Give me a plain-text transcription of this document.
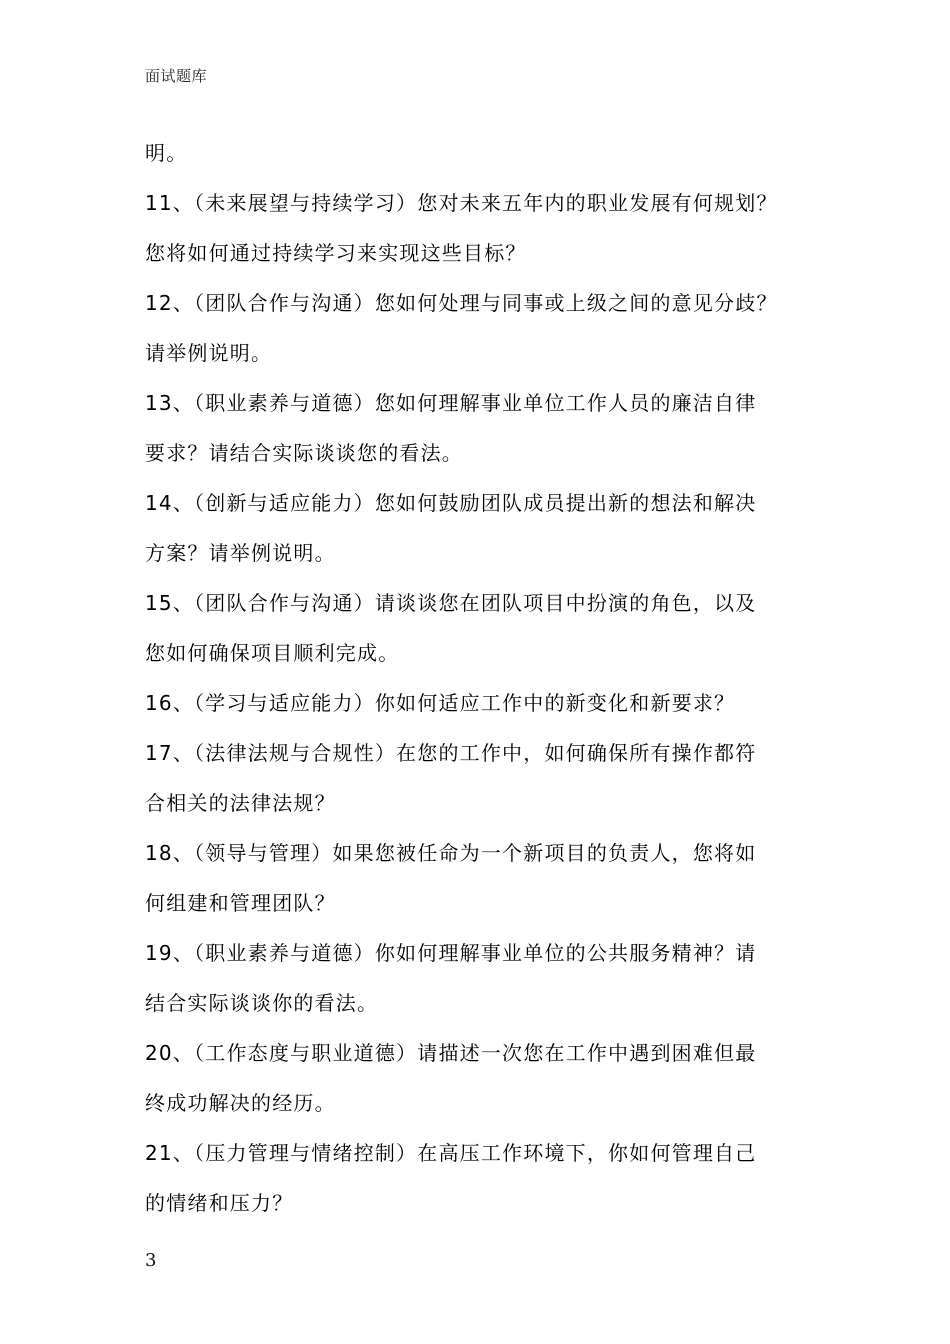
面试题库
明。
11、（未来展望与持续学习）您对未来五年内的职业发展有何规划？
您将如何通过持续学习来实现这些目标？
12、（团队合作与沟通）您如何处理与同事或上级之间的意见分歧？
请举例说明。
13、（职业素养与道德）您如何理解事业单位工作人员的廉洁自律
要求？请结合实际谈谈您的看法。
14、（创新与适应能力）您如何鼓励团队成员提出新的想法和解决
方案？请举例说明。
15、（团队合作与沟通）请谈谈您在团队项目中扮演的角色，以及
您如何确保项目顺利完成。
16、（学习与适应能力）你如何适应工作中的新变化和新要求？
17、（法律法规与合规性）在您的工作中，如何确保所有操作都符
合相关的法律法规？
18、（领导与管理）如果您被任命为一个新项目的负责人，您将如
何组建和管理团队？
19、（职业素养与道德）你如何理解事业单位的公共服务精神？请
结合实际谈谈你的看法。
20、（工作态度与职业道德）请描述一次您在工作中遇到困难但最
终成功解决的经历。
21、（压力管理与情绪控制）在高压工作环境下，你如何管理自己
的情绪和压力？
3
